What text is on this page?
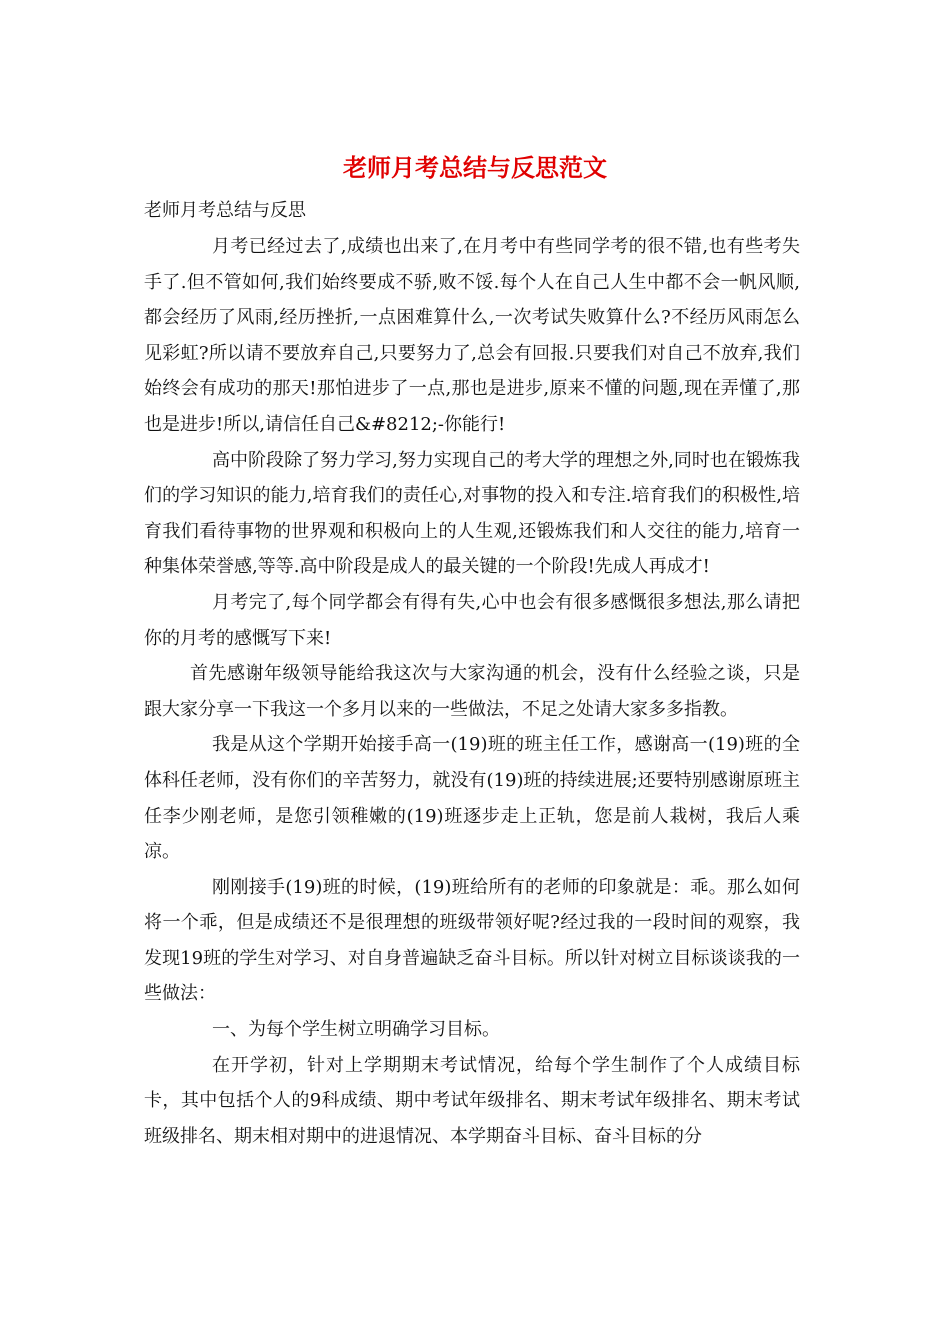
老师月考总结与反思范文
老师月考总结与反思

月考已经过去了,成绩也出来了,在月考中有些同学考的很不错,也有些考失手了.但不管如何,我们始终要成不骄,败不馁.每个人在自己人生中都不会一帆风顺,都会经历了风雨,经历挫折,一点困难算什么,一次考试失败算什么?不经历风雨怎么见彩虹?所以请不要放弃自己,只要努力了,总会有回报.只要我们对自己不放弃,我们始终会有成功的那天!那怕进步了一点,那也是进步,原来不懂的问题,现在弄懂了,那也是进步!所以,请信任自己&#8212;-你能行!

高中阶段除了努力学习,努力实现自己的考大学的理想之外,同时也在锻炼我们的学习知识的能力,培育我们的责任心,对事物的投入和专注.培育我们的积极性,培育我们看待事物的世界观和积极向上的人生观,还锻炼我们和人交往的能力,培育一种集体荣誉感,等等.高中阶段是成人的最关键的一个阶段!先成人再成才!

月考完了,每个同学都会有得有失,心中也会有很多感慨很多想法,那么请把你的月考的感慨写下来!

首先感谢年级领导能给我这次与大家沟通的机会，没有什么经验之谈，只是跟大家分享一下我这一个多月以来的一些做法，不足之处请大家多多指教。

我是从这个学期开始接手高一(19)班的班主任工作，感谢高一(19)班的全体科任老师，没有你们的辛苦努力，就没有(19)班的持续进展;还要特别感谢原班主任李少刚老师，是您引领稚嫩的(19)班逐步走上正轨，您是前人栽树，我后人乘凉。

刚刚接手(19)班的时候，(19)班给所有的老师的印象就是：乖。那么如何将一个乖，但是成绩还不是很理想的班级带领好呢?经过我的一段时间的观察，我发现19班的学生对学习、对自身普遍缺乏奋斗目标。所以针对树立目标谈谈我的一些做法：

一、为每个学生树立明确学习目标。

在开学初，针对上学期期末考试情况，给每个学生制作了个人成绩目标卡，其中包括个人的9科成绩、期中考试年级排名、期末考试年级排名、期末考试班级排名、期末相对期中的进退情况、本学期奋斗目标、奋斗目标的分
